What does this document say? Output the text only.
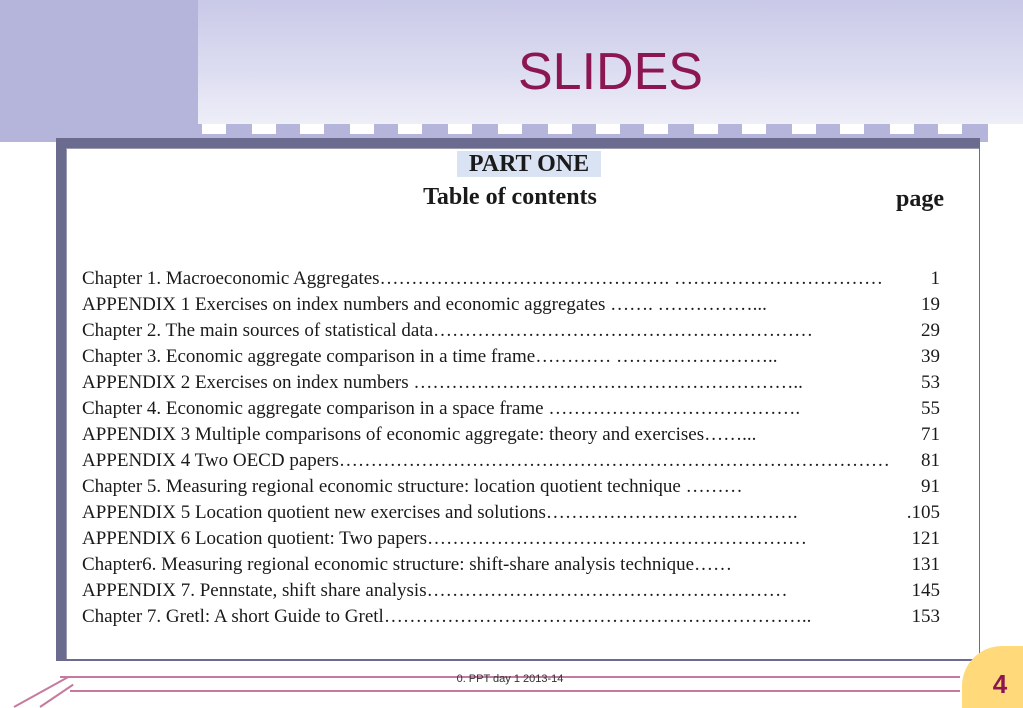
SLIDES
PART ONE
Table of contents	page
Chapter 1. Macroeconomic Aggregates………………………………………. ……………………………	1
APPENDIX 1 Exercises on index numbers and economic aggregates ……. ……………...	19
Chapter 2. The main sources of statistical data……………………………………………………	29
Chapter 3. Economic aggregate comparison in a time frame………… ……………………..	39
APPENDIX 2 Exercises on index numbers ……………………………………………………..	53
Chapter 4. Economic aggregate comparison in a space frame ………………………………….	55
APPENDIX 3 Multiple comparisons of economic aggregate: theory and exercises……...	71
APPENDIX 4 Two OECD papers……………………………………………………………………………	81
Chapter 5. Measuring regional economic structure: location quotient technique ………	91
APPENDIX 5 Location quotient new exercises and solutions………………………………….	.105
APPENDIX 6 Location quotient: Two papers……………………………………………………	121
Chapter6. Measuring regional economic structure: shift-share analysis technique……	131
APPENDIX 7. Pennstate, shift share analysis…………………………………………………	145
Chapter 7. Gretl: A short Guide to Gretl…………………………………………………………..	153
0. PPT day 1 2013-14	4
